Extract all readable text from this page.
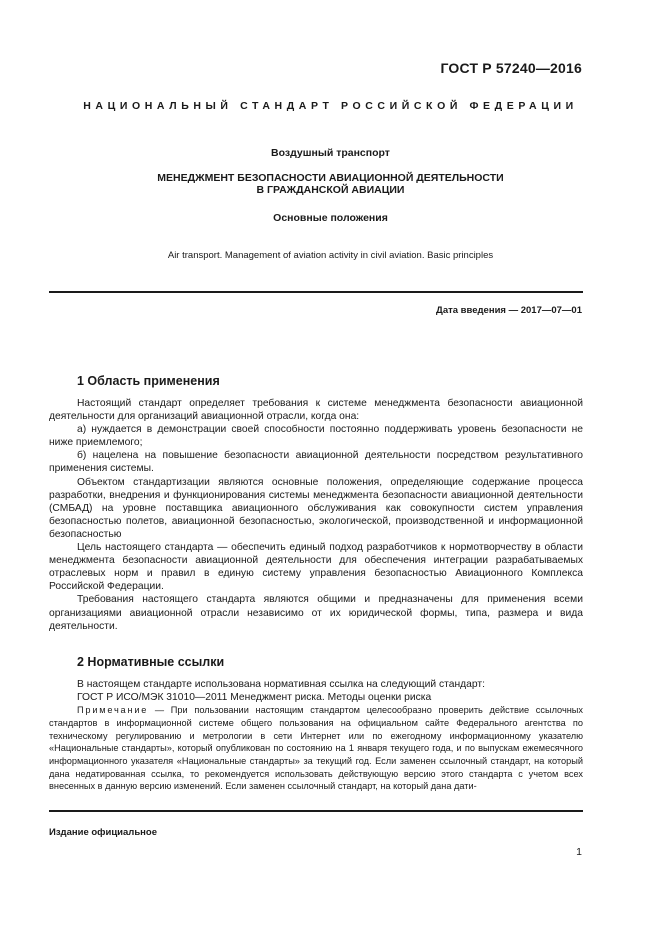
ГОСТ Р 57240—2016
НАЦИОНАЛЬНЫЙ СТАНДАРТ РОССИЙСКОЙ ФЕДЕРАЦИИ
Воздушный транспорт
МЕНЕДЖМЕНТ БЕЗОПАСНОСТИ АВИАЦИОННОЙ ДЕЯТЕЛЬНОСТИ
В ГРАЖДАНСКОЙ АВИАЦИИ
Основные положения
Air transport. Management of aviation activity in civil aviation. Basic principles
Дата введения — 2017—07—01
1 Область применения

Настоящий стандарт определяет требования к системе менеджмента безопасности авиационной деятельности для организаций авиационной отрасли, когда она:

а) нуждается в демонстрации своей способности постоянно поддерживать уровень безопасности не ниже приемлемого;

б) нацелена на повышение безопасности авиационной деятельности посредством результативного применения системы.

Объектом стандартизации являются основные положения, определяющие содержание процесса разработки, внедрения и функционирования системы менеджмента безопасности авиационной деятельности (СМБАД) на уровне поставщика авиационного обслуживания как совокупности систем управления безопасностью полетов, авиационной безопасностью, экологической, производственной и информационной безопасностью

Цель настоящего стандарта — обеспечить единый подход разработчиков к нормотворчеству в области менеджмента безопасности авиационной деятельности для обеспечения интеграции разрабатываемых отраслевых норм и правил в единую систему управления безопасностью Авиационного Комплекса Российской Федерации.

Требования настоящего стандарта являются общими и предназначены для применения всеми организациями авиационной отрасли независимо от их юридической формы, типа, размера и вида деятельности.

2 Нормативные ссылки

В настоящем стандарте использована нормативная ссылка на следующий стандарт:

ГОСТ Р ИСО/МЭК 31010—2011 Менеджмент риска. Методы оценки риска

Примечание — При пользовании настоящим стандартом целесообразно проверить действие ссылочных стандартов в информационной системе общего пользования на официальном сайте Федерального агентства по техническому регулированию и метрологии в сети Интернет или по ежегодному информационному указателю «Национальные стандарты», который опубликован по состоянию на 1 января текущего года, и по выпускам ежемесячного информационного указателя «Национальные стандарты» за текущий год. Если заменен ссылочный стандарт, на который дана недатированная ссылка, то рекомендуется использовать действующую версию этого стандарта с учетом всех внесенных в данную версию изменений. Если заменен ссылочный стандарт, на который дана дати-

Издание официальное
1
